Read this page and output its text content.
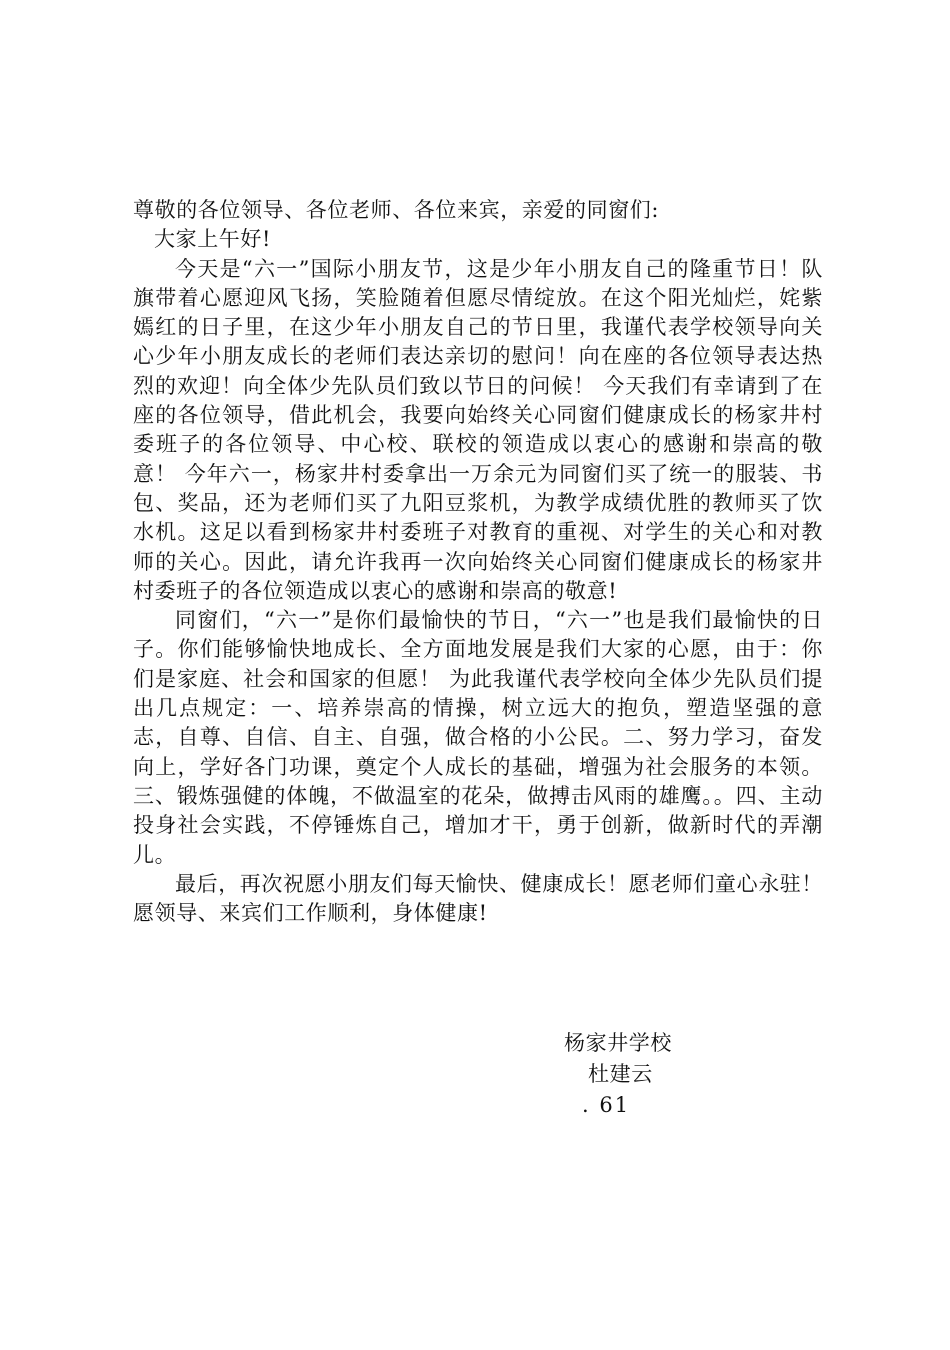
尊敬的各位领导、各位老师、各位来宾，亲爱的同窗们:

大家上午好!

今天是“六一”国际小朋友节，这是少年小朋友自己的隆重节日！队旗带着心愿迎风飞扬，笑脸随着但愿尽情绽放。在这个阳光灿烂，姹紫嫣红的日子里，在这少年小朋友自己的节日里，我谨代表学校领导向关心少年小朋友成长的老师们表达亲切的慰问！向在座的各位领导表达热烈的欢迎！向全体少先队员们致以节日的问候！ 今天我们有幸请到了在座的各位领导，借此机会，我要向始终关心同窗们健康成长的杨家井村委班子的各位领导、中心校、联校的领造成以衷心的感谢和崇高的敬意！ 今年六一，杨家井村委拿出一万余元为同窗们买了统一的服装、书包、奖品，还为老师们买了九阳豆浆机，为教学成绩优胜的教师买了饮水机。这足以看到杨家井村委班子对教育的重视、对学生的关心和对教师的关心。因此，请允许我再一次向始终关心同窗们健康成长的杨家井村委班子的各位领造成以衷心的感谢和崇高的敬意!

同窗们，“六一”是你们最愉快的节日，“六一”也是我们最愉快的日子。你们能够愉快地成长、全方面地发展是我们大家的心愿，由于：你们是家庭、社会和国家的但愿！ 为此我谨代表学校向全体少先队员们提出几点规定：一、培养崇高的情操，树立远大的抱负，塑造坚强的意志，自尊、自信、自主、自强，做合格的小公民。二、努力学习，奋发向上，学好各门功课，奠定个人成长的基础，增强为社会服务的本领。三、锻炼强健的体魄，不做温室的花朵，做搏击风雨的雄鹰。。四、主动投身社会实践，不停锤炼自己，增加才干，勇于创新，做新时代的弄潮儿。

最后，再次祝愿小朋友们每天愉快、健康成长！愿老师们童心永驻！愿领导、来宾们工作顺利，身体健康!

杨家井学校
杜建云
. 61
